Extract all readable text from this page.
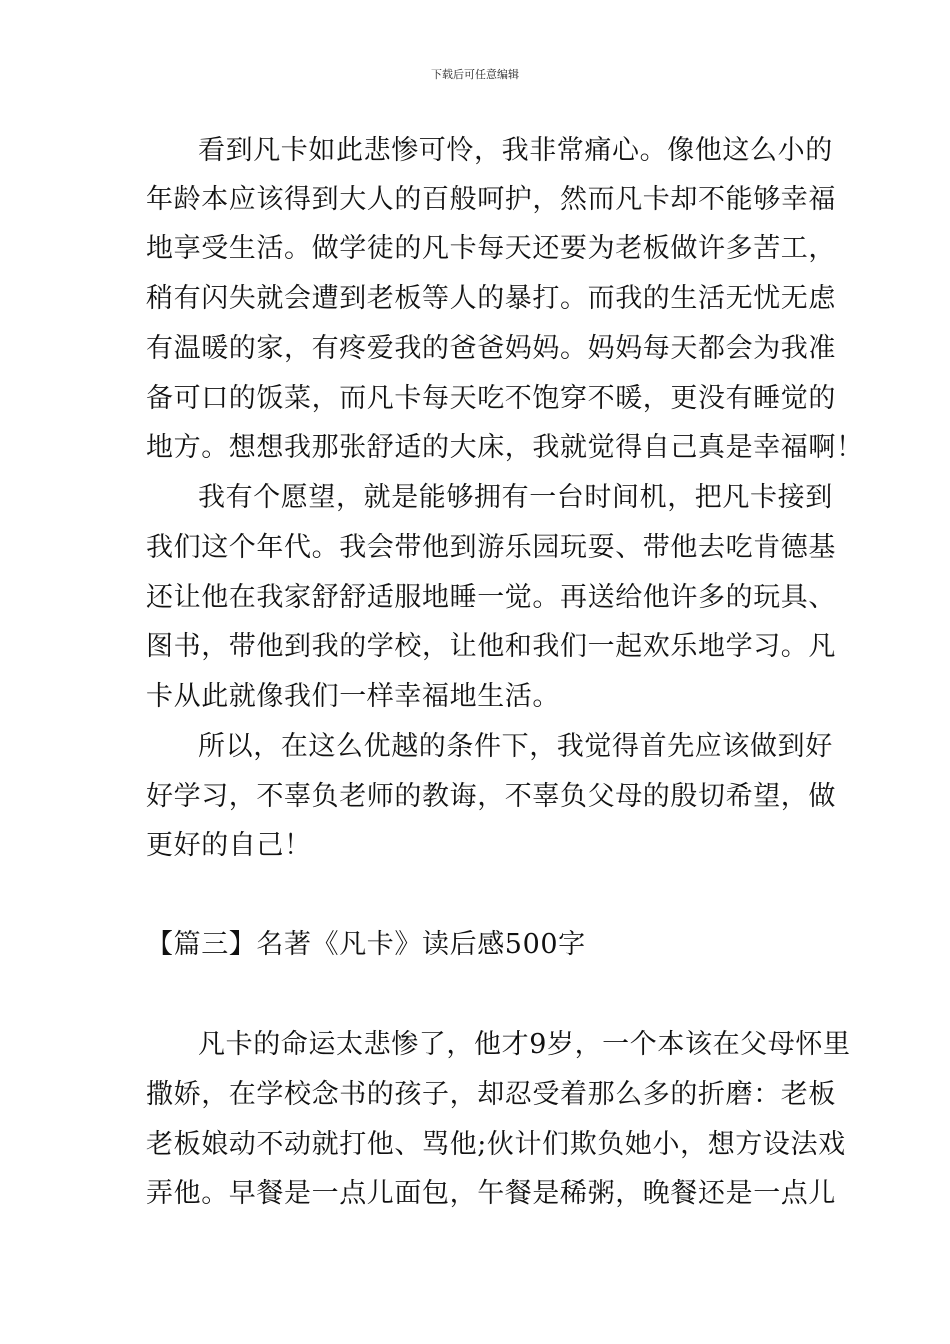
下载后可任意编辑
看到凡卡如此悲惨可怜，我非常痛心。像他这么小的
年龄本应该得到大人的百般呵护，然而凡卡却不能够幸福
地享受生活。做学徒的凡卡每天还要为老板做许多苦工，
稍有闪失就会遭到老板等人的暴打。而我的生活无忧无虑
有温暖的家，有疼爱我的爸爸妈妈。妈妈每天都会为我准
备可口的饭菜，而凡卡每天吃不饱穿不暖，更没有睡觉的
地方。想想我那张舒适的大床，我就觉得自己真是幸福啊！
我有个愿望，就是能够拥有一台时间机，把凡卡接到
我们这个年代。我会带他到游乐园玩耍、带他去吃肯德基
还让他在我家舒舒适服地睡一觉。再送给他许多的玩具、
图书，带他到我的学校，让他和我们一起欢乐地学习。凡
卡从此就像我们一样幸福地生活。
所以，在这么优越的条件下，我觉得首先应该做到好
好学习，不辜负老师的教诲，不辜负父母的殷切希望，做
更好的自己！
【篇三】名著《凡卡》读后感500字
凡卡的命运太悲惨了，他才9岁，一个本该在父母怀里
撒娇，在学校念书的孩子，却忍受着那么多的折磨：老板
老板娘动不动就打他、骂他;伙计们欺负她小，想方设法戏
弄他。早餐是一点儿面包，午餐是稀粥，晚餐还是一点儿
